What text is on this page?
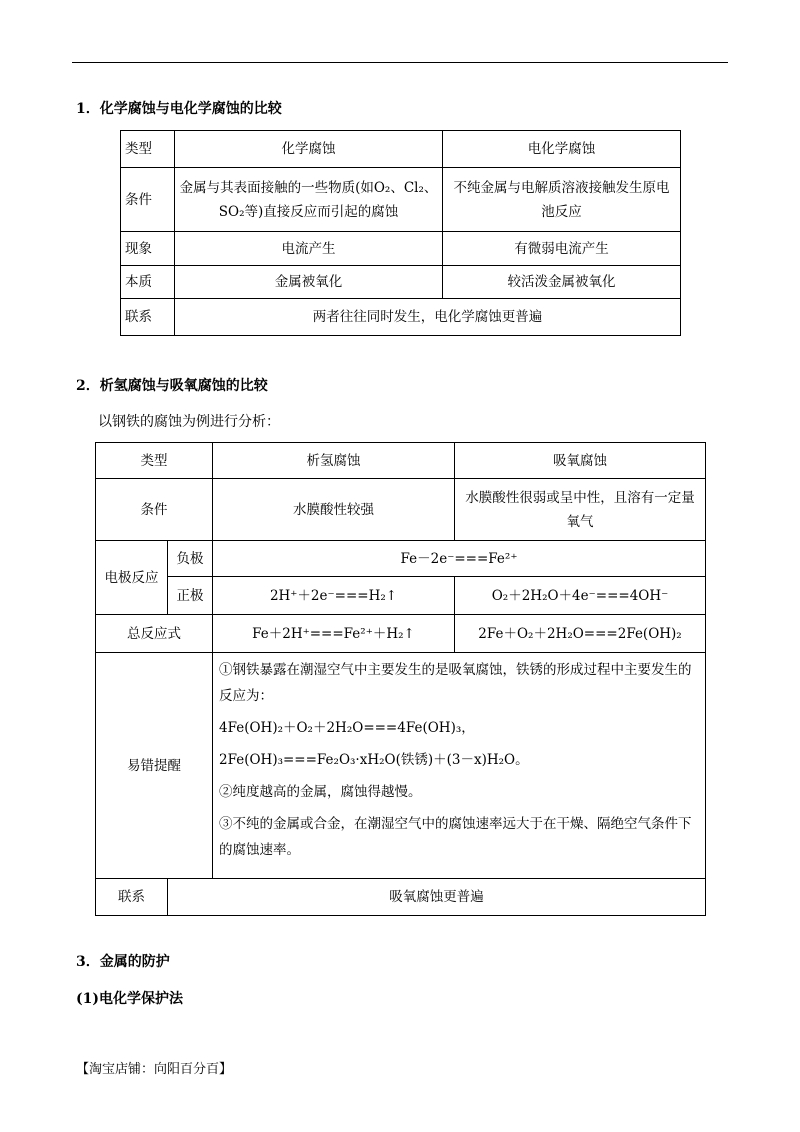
1．化学腐蚀与电化学腐蚀的比较
类型	化学腐蚀	电化学腐蚀
条件	金属与其表面接触的一些物质(如O₂、Cl₂、SO₂等)直接反应而引起的腐蚀	不纯金属与电解质溶液接触发生原电池反应
现象	电流产生	有微弱电流产生
本质	金属被氧化	较活泼金属被氧化
联系	两者往往同时发生，电化学腐蚀更普遍	
2．析氢腐蚀与吸氧腐蚀的比较
以钢铁的腐蚀为例进行分析：
类型		析氢腐蚀	吸氧腐蚀
条件		水膜酸性较强	水膜酸性很弱或呈中性，且溶有一定量氧气
电极反应	负极	Fe－2e⁻===Fe²⁺	
	正极	2H⁺＋2e⁻===H₂↑	O₂＋2H₂O＋4e⁻===4OH⁻
总反应式		Fe＋2H⁺===Fe²⁺＋H₂↑	2Fe＋O₂＋2H₂O===2Fe(OH)₂
易错提醒		①钢铁暴露在潮湿空气中主要发生的是吸氧腐蚀，铁锈的形成过程中主要发生的反应为：

4Fe(OH)₂＋O₂＋2H₂O===4Fe(OH)₃，

2Fe(OH)₃===Fe₂O₃·xH₂O(铁锈)＋(3－x)H₂O。

②纯度越高的金属，腐蚀得越慢。

③不纯的金属或合金，在潮湿空气中的腐蚀速率远大于在干燥、隔绝空气条件下的腐蚀速率。	

联系	吸氧腐蚀更普遍		
3．金属的防护
(1)电化学保护法
【淘宝店铺：向阳百分百】
